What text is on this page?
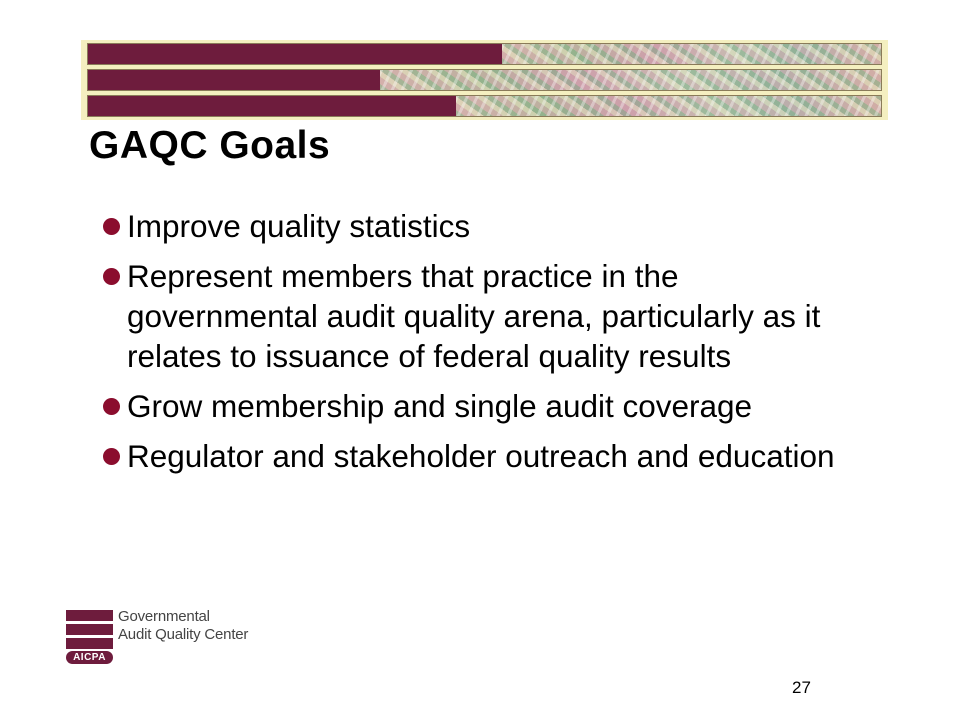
GAQC Goals
Improve quality statistics
Represent members that practice in the governmental audit quality arena, particularly as it relates to issuance of federal quality results
Grow membership and single audit coverage
Regulator and stakeholder outreach and education
AICPA
Governmental
Audit Quality Center
27
